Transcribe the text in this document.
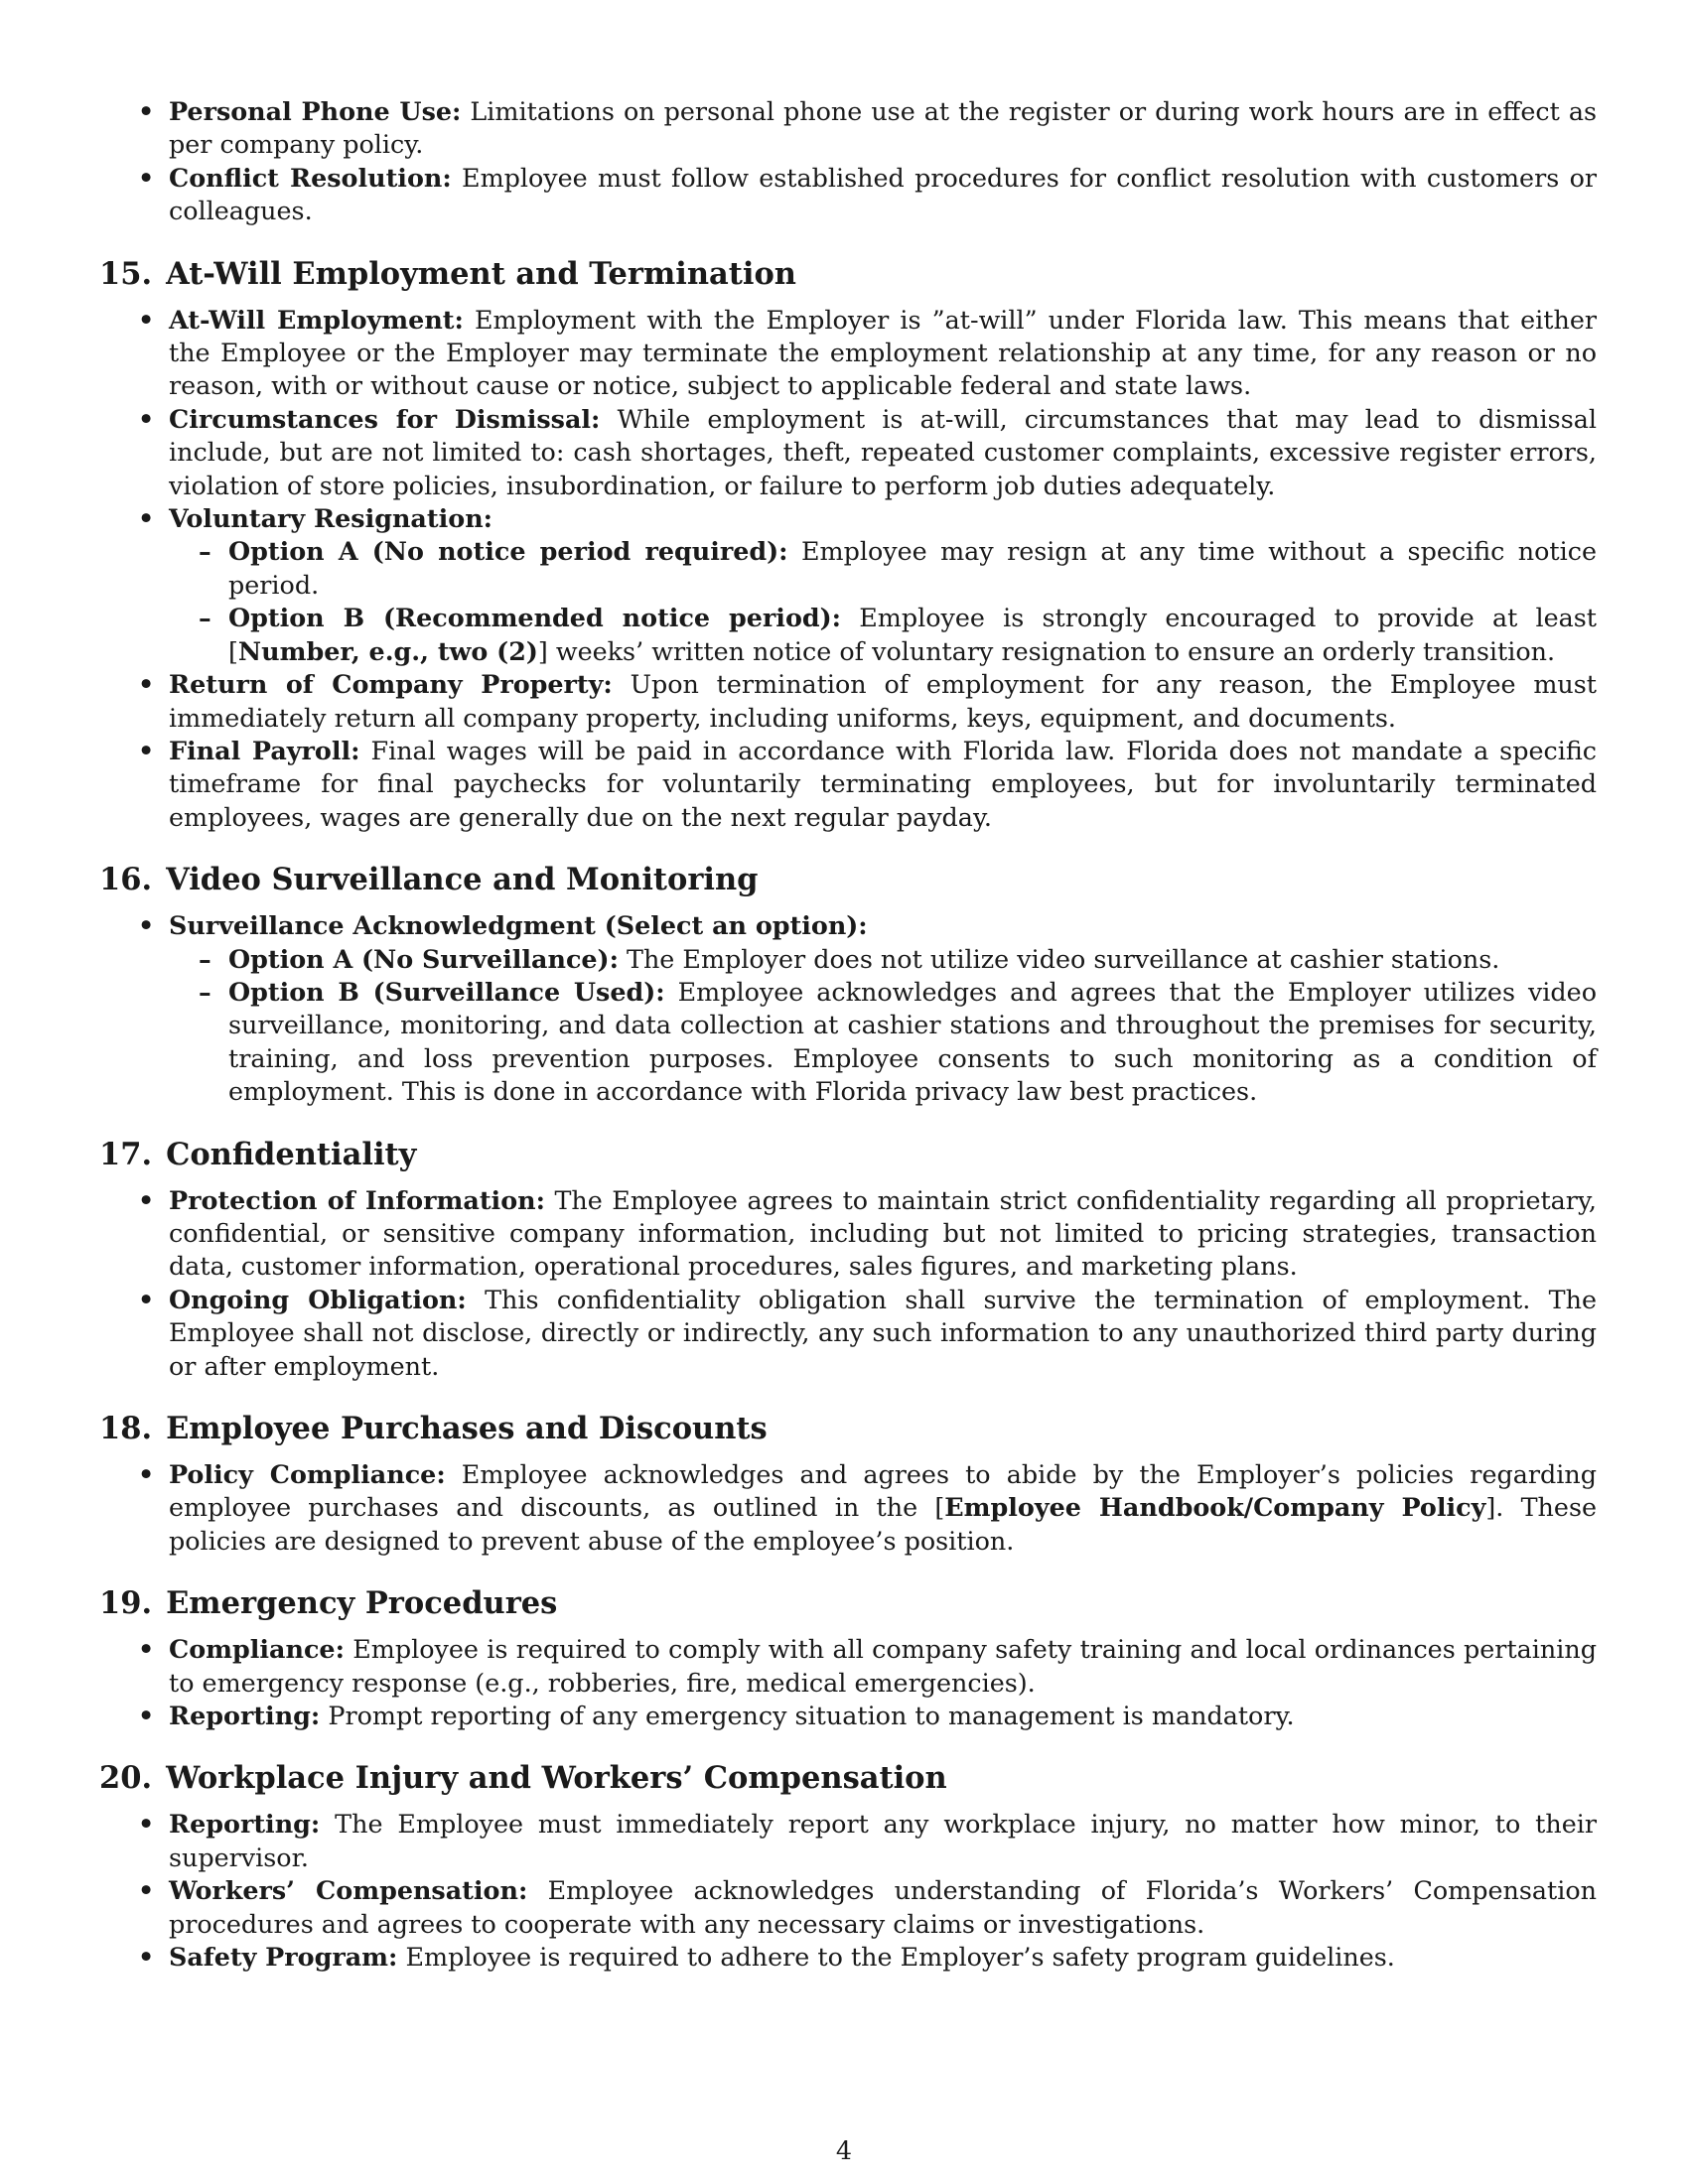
• Personal Phone Use: Limitations on personal phone use at the register or during work hours are in effect as per company policy.
• Conflict Resolution: Employee must follow established procedures for conflict resolution with customers or colleagues.
15. At-Will Employment and Termination
• At-Will Employment: Employment with the Employer is ”at-will” under Florida law. This means that either the Employee or the Employer may terminate the employment relationship at any time, for any reason or no reason, with or without cause or notice, subject to applicable federal and state laws.
• Circumstances for Dismissal: While employment is at-will, circumstances that may lead to dismissal include, but are not limited to: cash shortages, theft, repeated customer complaints, excessive register errors, violation of store policies, insubordination, or failure to perform job duties adequately.
• Voluntary Resignation:
– Option A (No notice period required): Employee may resign at any time without a specific notice period.
– Option B (Recommended notice period): Employee is strongly encouraged to provide at least [Number, e.g., two (2)] weeks’ written notice of voluntary resignation to ensure an orderly transition.
• Return of Company Property: Upon termination of employment for any reason, the Employee must immediately return all company property, including uniforms, keys, equipment, and documents.
• Final Payroll: Final wages will be paid in accordance with Florida law. Florida does not mandate a specific timeframe for final paychecks for voluntarily terminating employees, but for involuntarily terminated employees, wages are generally due on the next regular payday.
16. Video Surveillance and Monitoring
• Surveillance Acknowledgment (Select an option):
– Option A (No Surveillance): The Employer does not utilize video surveillance at cashier stations.
– Option B (Surveillance Used): Employee acknowledges and agrees that the Employer utilizes video surveillance, monitoring, and data collection at cashier stations and throughout the premises for security, training, and loss prevention purposes. Employee consents to such monitoring as a condition of employment. This is done in accordance with Florida privacy law best practices.
17. Confidentiality
• Protection of Information: The Employee agrees to maintain strict confidentiality regarding all proprietary, confidential, or sensitive company information, including but not limited to pricing strategies, transaction data, customer information, operational procedures, sales figures, and marketing plans.
• Ongoing Obligation: This confidentiality obligation shall survive the termination of employment. The Employee shall not disclose, directly or indirectly, any such information to any unauthorized third party during or after employment.
18. Employee Purchases and Discounts
• Policy Compliance: Employee acknowledges and agrees to abide by the Employer’s policies regarding employee purchases and discounts, as outlined in the [Employee Handbook/Company Policy]. These policies are designed to prevent abuse of the employee’s position.
19. Emergency Procedures
• Compliance: Employee is required to comply with all company safety training and local ordinances pertaining to emergency response (e.g., robberies, fire, medical emergencies).
• Reporting: Prompt reporting of any emergency situation to management is mandatory.
20. Workplace Injury and Workers’ Compensation
• Reporting: The Employee must immediately report any workplace injury, no matter how minor, to their supervisor.
• Workers’ Compensation: Employee acknowledges understanding of Florida’s Workers’ Compensation procedures and agrees to cooperate with any necessary claims or investigations.
• Safety Program: Employee is required to adhere to the Employer’s safety program guidelines.
4
